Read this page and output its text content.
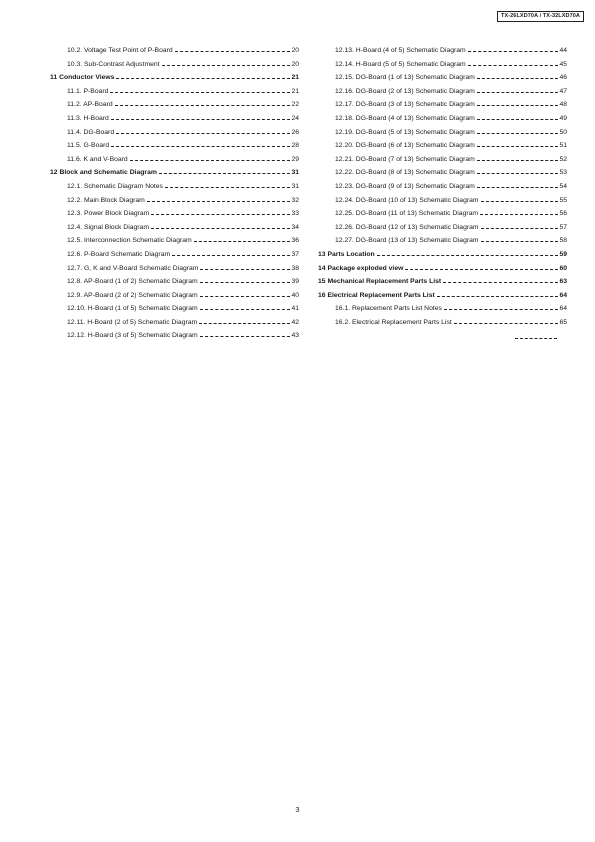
TX-26LXD70A / TX-32LXD70A
10.2. Voltage Test Point of P-Board	20
10.3. Sub-Contrast Adjustment	20
11 Conductor Views	21
11.1. P-Board	21
11.2. AP-Board	22
11.3. H-Board	24
11.4. DG-Board	26
11.5. G-Board	28
11.6. K and V-Board	29
12 Block and Schematic Diagram	31
12.1. Schematic Diagram Notes	31
12.2. Main Block Diagram	32
12.3. Power Block Diagram	33
12.4. Signal Block Diagram	34
12.5. Interconnection Schematic Diagram	36
12.6. P-Board Schematic Diagram	37
12.7. G, K and V-Board Schematic Diagram	38
12.8. AP-Board (1 of 2) Schematic Diagram	39
12.9. AP-Board (2 of 2) Schematic Diagram	40
12.10. H-Board (1 of 5) Schematic Diagram	41
12.11. H-Board (2 of 5) Schematic Diagram	42
12.12. H-Board (3 of 5) Schematic Diagram	43
12.13. H-Board (4 of 5) Schematic Diagram	44
12.14. H-Board (5 of 5) Schematic Diagram	45
12.15. DG-Board (1 of 13) Schematic Diagram	46
12.16. DG-Board (2 of 13) Schematic Diagram	47
12.17. DG-Board (3 of 13) Schematic Diagram	48
12.18. DG-Board (4 of 13) Schematic Diagram	49
12.19. DG-Board (5 of 13) Schematic Diagram	50
12.20. DG-Board (6 of 13) Schematic Diagram	51
12.21. DG-Board (7 of 13) Schematic Diagram	52
12.22. DG-Board (8 of 13) Schematic Diagram	53
12.23. DG-Board (9 of 13) Schematic Diagram	54
12.24. DG-Board (10 of 13) Schematic Diagram	55
12.25. DG-Board (11 of 13) Schematic Diagram	56
12.26. DG-Board (12 of 13) Schematic Diagram	57
12.27. DG-Board (13 of 13) Schematic Diagram	58
13 Parts Location	59
14 Package exploded view	60
15 Mechanical Replacement Parts List	63
16 Electrical Replacement Parts List	64
16.1. Replacement Parts List Notes	64
16.2. Electrical Replacement Parts List	65
3
